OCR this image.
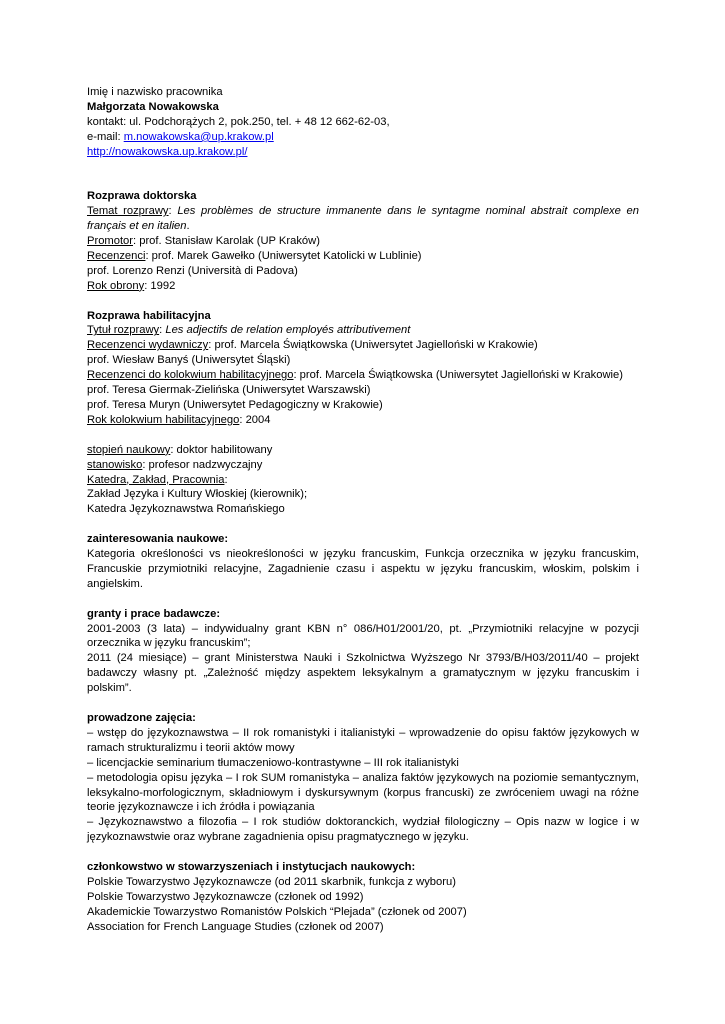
Imię i nazwisko pracownika
Małgorzata Nowakowska
kontakt: ul. Podchorążych 2, pok.250, tel. + 48 12 662-62-03,
e-mail: m.nowakowska@up.krakow.pl
http://nowakowska.up.krakow.pl/
Rozprawa doktorska
Temat rozprawy: Les problèmes de structure immanente dans le syntagme nominal abstrait complexe en français et en italien.
Promotor: prof. Stanisław Karolak (UP Kraków)
Recenzenci: prof. Marek Gawełko (Uniwersytet Katolicki w Lublinie)
prof. Lorenzo Renzi (Università di Padova)
Rok obrony: 1992
Rozprawa habilitacyjna
Tytuł rozprawy: Les adjectifs de relation employés attributivement
Recenzenci wydawniczy: prof. Marcela Świątkowska (Uniwersytet Jagielloński w Krakowie)
prof. Wiesław Banyś (Uniwersytet Śląski)
Recenzenci do kolokwium habilitacyjnego: prof. Marcela Świątkowska (Uniwersytet Jagielloński w Krakowie)
prof. Teresa Giermak-Zielińska (Uniwersytet Warszawski)
prof. Teresa Muryn (Uniwersytet Pedagogiczny w Krakowie)
Rok kolokwium habilitacyjnego: 2004
stopień naukowy: doktor habilitowany
stanowisko: profesor nadzwyczajny
Katedra, Zakład, Pracownia:
Zakład Języka i Kultury Włoskiej (kierownik);
Katedra Językoznawstwa Romańskiego
zainteresowania naukowe:
Kategoria określoności vs nieokreśloności w języku francuskim, Funkcja orzecznika w języku francuskim, Francuskie przymiotniki relacyjne, Zagadnienie czasu i aspektu w języku francuskim, włoskim, polskim i angielskim.
granty i prace badawcze:
2001-2003 (3 lata) – indywidualny grant KBN n° 086/H01/2001/20, pt. „Przymiotniki relacyjne w pozycji orzecznika w języku francuskim”;
2011 (24 miesiące) – grant Ministerstwa Nauki i Szkolnictwa Wyższego Nr 3793/B/H03/2011/40 – projekt badawczy własny pt. „Zależność między aspektem leksykalnym a gramatycznym w języku francuskim i polskim”.
prowadzone zajęcia:
– wstęp do językoznawstwa – II rok romanistyki i italianistyki – wprowadzenie do opisu faktów językowych w ramach strukturalizmu i teorii aktów mowy
– licencjackie seminarium tłumaczeniowo-kontrastywne – III rok italianistyki
– metodologia opisu języka – I rok SUM romanistyka – analiza faktów językowych na poziomie semantycznym, leksykalno-morfologicznym, składniowym i dyskursywnym (korpus francuski) ze zwróceniem uwagi na różne teorie językoznawcze i ich źródła i powiązania
– Językoznawstwo a filozofia – I rok studiów doktoranckich, wydział filologiczny – Opis nazw w logice i w językoznawstwie oraz wybrane zagadnienia opisu pragmatycznego w języku.
członkowstwo w stowarzyszeniach i instytucjach naukowych:
Polskie Towarzystwo Językoznawcze (od 2011 skarbnik, funkcja z wyboru)
Polskie Towarzystwo Językoznawcze (członek od 1992)
Akademickie Towarzystwo Romanistów Polskich “Plejada” (członek od 2007)
Association for French Language Studies (członek od 2007)
